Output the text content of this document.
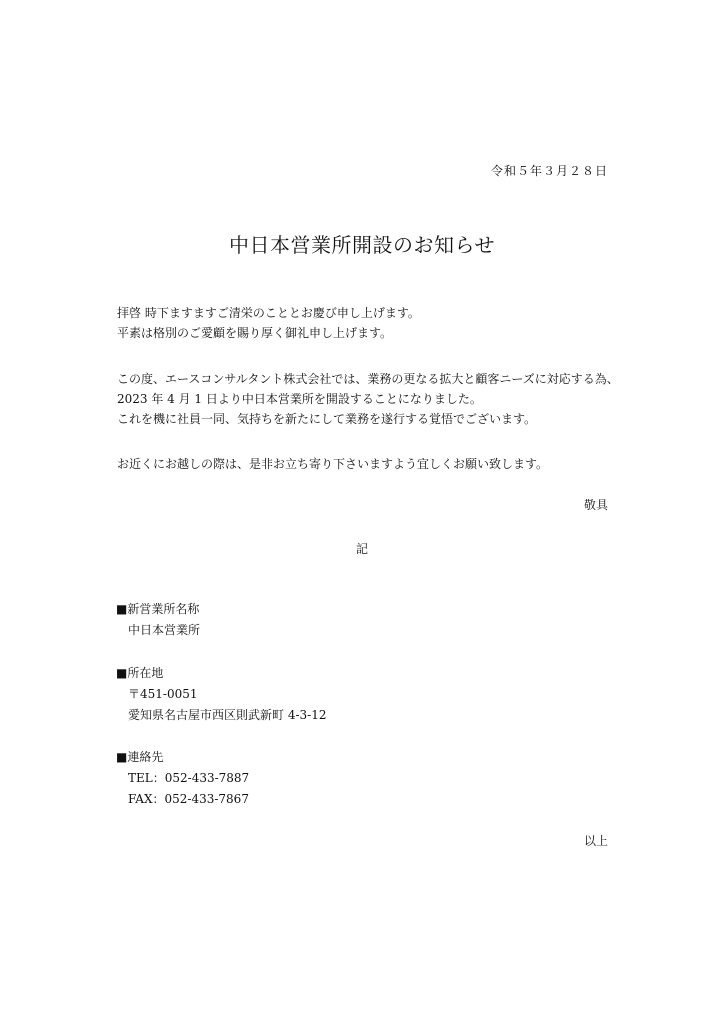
令和５年３月２８日
中日本営業所開設のお知らせ

拝啓 時下ますますご清栄のこととお慶び申し上げます。

平素は格別のご愛顧を賜り厚く御礼申し上げます。

この度、エースコンサルタント株式会社では、業務の更なる拡大と顧客ニーズに対応する為、

2023 年 4 月 1 日より中日本営業所を開設することになりました。

これを機に社員一同、気持ちを新たにして業務を遂行する覚悟でございます。

お近くにお越しの際は、是非お立ち寄り下さいますよう宜しくお願い致します。

敬具
記
■新営業所名称
中日本営業所
■所在地
〒451-0051
愛知県名古屋市西区則武新町 4-3-12
■連絡先
TEL：052-433-7887
FAX：052-433-7867
以上
